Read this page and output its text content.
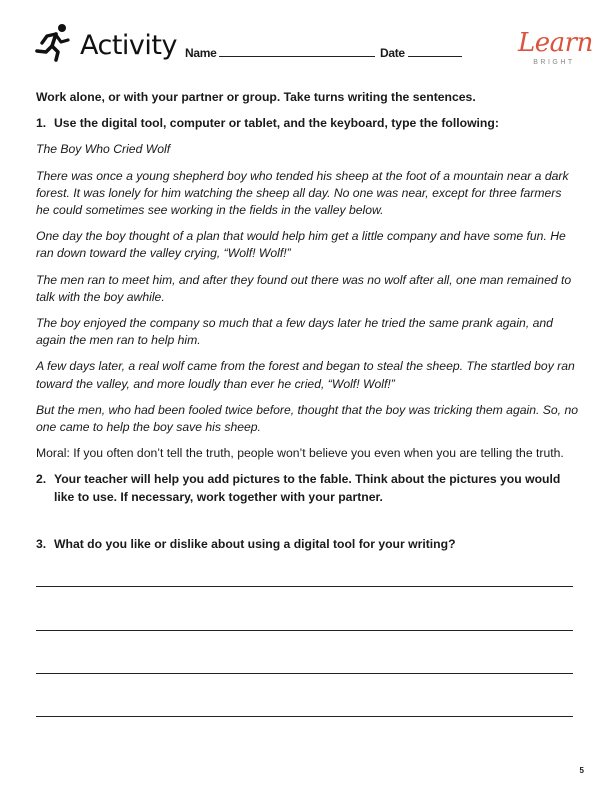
Activity Name	Date	Learn
BRIGHT

Work alone, or with your partner or group. Take turns writing the sentences.

1. Use the digital tool, computer or tablet, and the keyboard, type the following:

The Boy Who Cried Wolf

There was once a young shepherd boy who tended his sheep at the foot of a mountain near a dark forest. It was lonely for him watching the sheep all day. No one was near, except for three farmers he could sometimes see working in the fields in the valley below.

One day the boy thought of a plan that would help him get a little company and have some fun. He ran down toward the valley crying, “Wolf! Wolf!”

The men ran to meet him, and after they found out there was no wolf after all, one man remained to talk with the boy awhile.

The boy enjoyed the company so much that a few days later he tried the same prank again, and again the men ran to help him.

A few days later, a real wolf came from the forest and began to steal the sheep. The startled boy ran toward the valley, and more loudly than ever he cried, “Wolf! Wolf!”

But the men, who had been fooled twice before, thought that the boy was tricking them again. So, no one came to help the boy save his sheep.

Moral: If you often don’t tell the truth, people won’t believe you even when you are telling the truth.

2. Your teacher will help you add pictures to the fable. Think about the pictures you would like to use. If necessary, work together with your partner.
3. What do you like or dislike about using a digital tool for your writing?
5
